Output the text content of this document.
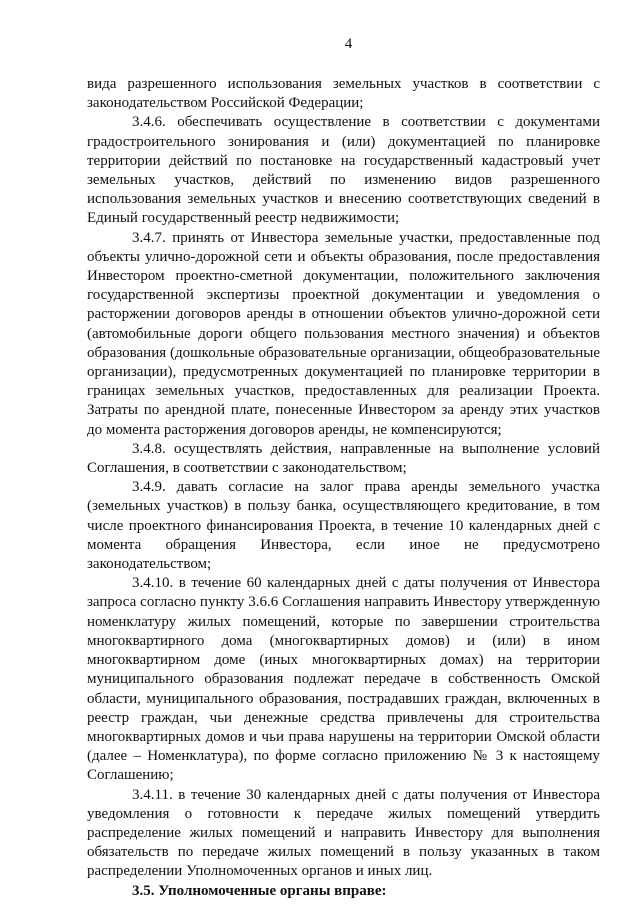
4

вида разрешенного использования земельных участков в соответствии с законодательством Российской Федерации;

3.4.6. обеспечивать осуществление в соответствии с документами градостроительного зонирования и (или) документацией по планировке территории действий по постановке на государственный кадастровый учет земельных участков, действий по изменению видов разрешенного использования земельных участков и внесению соответствующих сведений в Единый государственный реестр недвижимости;

3.4.7. принять от Инвестора земельные участки, предоставленные под объекты улично-дорожной сети и объекты образования, после предоставления Инвестором проектно-сметной документации, положительного заключения государственной экспертизы проектной документации и уведомления о расторжении договоров аренды в отношении объектов улично-дорожной сети (автомобильные дороги общего пользования местного значения) и объектов образования (дошкольные образовательные организации, общеобразовательные организации), предусмотренных документацией по планировке территории в границах земельных участков, предоставленных для реализации Проекта. Затраты по арендной плате, понесенные Инвестором за аренду этих участков до момента расторжения договоров аренды, не компенсируются;

3.4.8. осуществлять действия, направленные на выполнение условий Соглашения, в соответствии с законодательством;

3.4.9. давать согласие на залог права аренды земельного участка (земельных участков) в пользу банка, осуществляющего кредитование, в том числе проектного финансирования Проекта, в течение 10 календарных дней с момента обращения Инвестора, если иное не предусмотрено законодательством;

3.4.10. в течение 60 календарных дней с даты получения от Инвестора запроса согласно пункту 3.6.6 Соглашения направить Инвестору утвержденную номенклатуру жилых помещений, которые по завершении строительства многоквартирного дома (многоквартирных домов) и (или) в ином многоквартирном доме (иных многоквартирных домах) на территории муниципального образования подлежат передаче в собственность Омской области, муниципального образования, пострадавших граждан, включенных в реестр граждан, чьи денежные средства привлечены для строительства многоквартирных домов и чьи права нарушены на территории Омской области (далее – Номенклатура), по форме согласно приложению № 3 к настоящему Соглашению;

3.4.11. в течение 30 календарных дней с даты получения от Инвестора уведомления о готовности к передаче жилых помещений утвердить распределение жилых помещений и направить Инвестору для выполнения обязательств по передаче жилых помещений в пользу указанных в таком распределении Уполномоченных органов и иных лиц.

3.5. Уполномоченные органы вправе:
